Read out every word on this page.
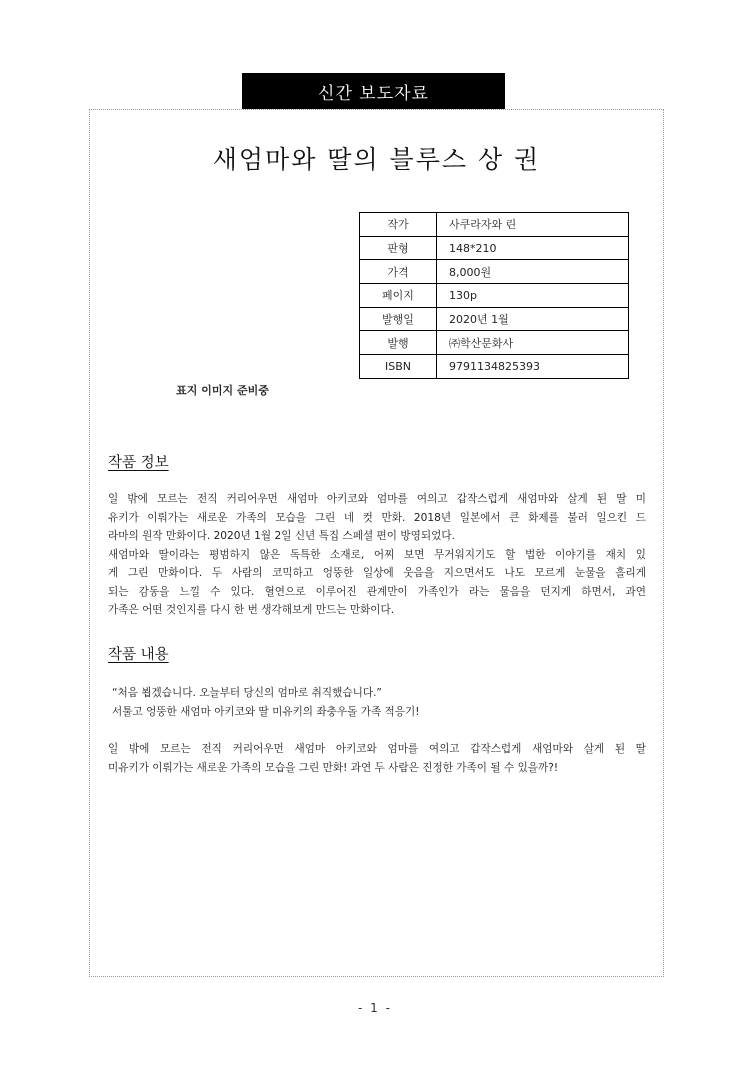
신간 보도자료
새엄마와 딸의 블루스 상 권
작가	사쿠라자와 린
판형	148*210
가격	8,000원
페이지	130p
발행일	2020년 1월
발행	㈜학산문화사
ISBN	9791134825393
표지 이미지 준비중
작품 정보
일 밖에 모르는 전직 커리어우먼 새엄마 아키코와 엄마를 여의고 갑작스럽게 새엄마와 살게 된 딸 미
유키가 이뤄가는 새로운 가족의 모습을 그린 네 컷 만화. 2018년 일본에서 큰 화제를 불러 일으킨 드
라마의 원작 만화이다. 2020년 1월 2일 신년 특집 스페셜 편이 방영되었다.
새엄마와 딸이라는 평범하지 않은 독특한 소재로, 어찌 보면 무거워지기도 할 법한 이야기를 재치 있
게 그린 만화이다. 두 사람의 코믹하고 엉뚱한 일상에 웃음을 지으면서도 나도 모르게 눈물을 흘리게
되는 감동을 느낄 수 있다. 혈연으로 이루어진 관계만이 가족인가 라는 물음을 던지게 하면서, 과연
가족은 어떤 것인지를 다시 한 번 생각해보게 만드는 만화이다.
작품 내용
“처음 뵙겠습니다. 오늘부터 당신의 엄마로 취직했습니다.”
서툴고 엉뚱한 새엄마 아키코와 딸 미유키의 좌충우돌 가족 적응기!
일 밖에 모르는 전직 커리어우먼 새엄마 아키코와 엄마를 여의고 갑작스럽게 새엄마와 살게 된 딸
미유키가 이뤄가는 새로운 가족의 모습을 그린 만화! 과연 두 사람은 진정한 가족이 될 수 있을까?!
- 1 -
